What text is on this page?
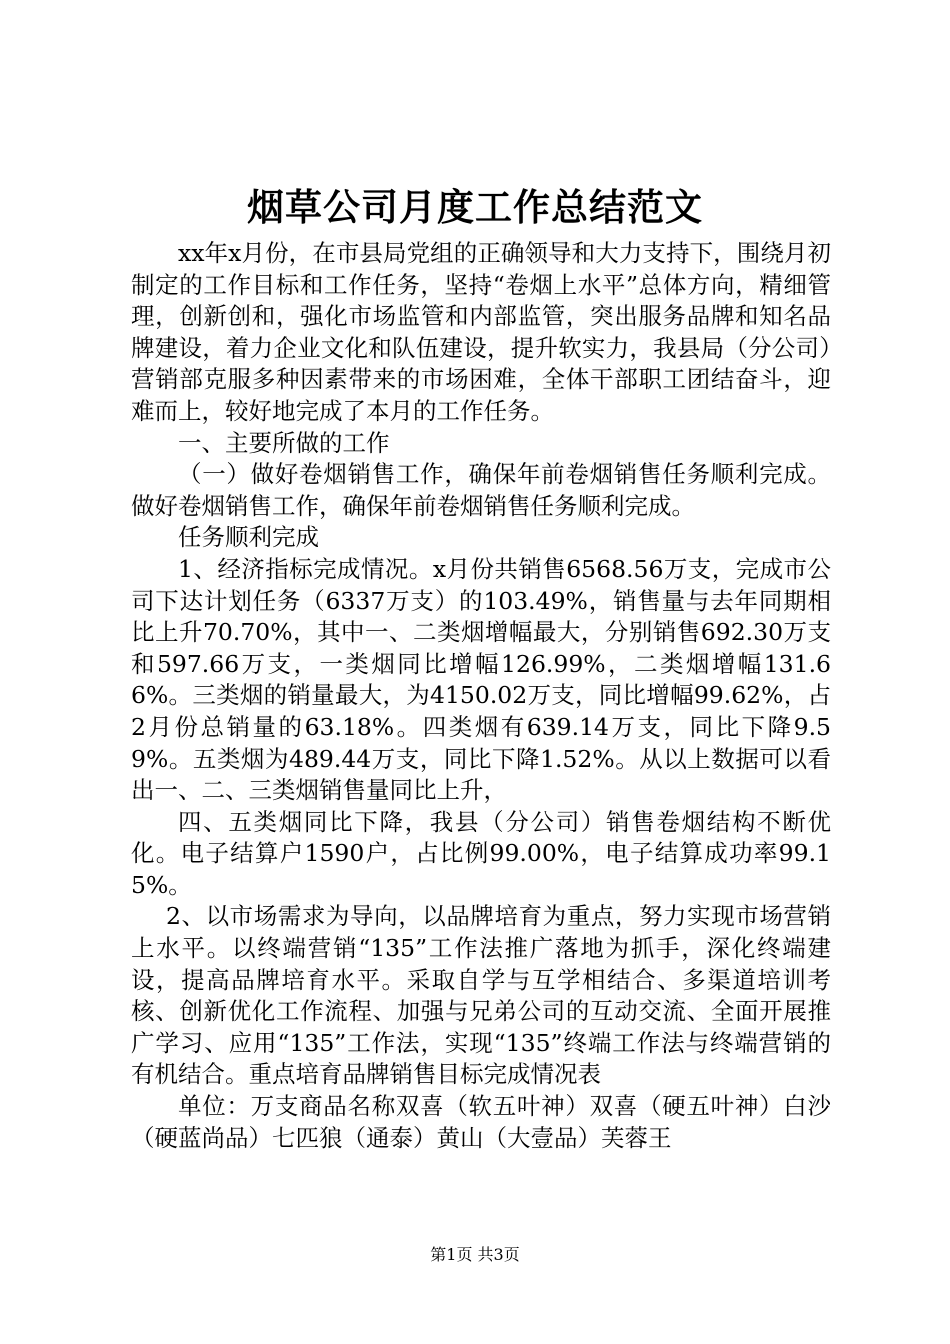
烟草公司月度工作总结范文

xx年x月份，在市县局党组的正确领导和大力支持下，围绕月初制定的工作目标和工作任务，坚持“卷烟上水平”总体方向，精细管理，创新创和，强化市场监管和内部监管，突出服务品牌和知名品牌建设，着力企业文化和队伍建设，提升软实力，我县局（分公司）营销部克服多种因素带来的市场困难，全体干部职工团结奋斗，迎难而上，较好地完成了本月的工作任务。

一、主要所做的工作

（一）做好卷烟销售工作，确保年前卷烟销售任务顺利完成。做好卷烟销售工作，确保年前卷烟销售任务顺利完成。

任务顺利完成

1、经济指标完成情况。x月份共销售6568.56万支，完成市公司下达计划任务（6337万支）的103.49%，销售量与去年同期相比上升70.70%，其中一、二类烟增幅最大，分别销售692.30万支和597.66万支，一类烟同比增幅126.99%，二类烟增幅131.66%。三类烟的销量最大，为4150.02万支，同比增幅99.62%，占2月份总销量的63.18%。四类烟有639.14万支，同比下降9.59%。五类烟为489.44万支，同比下降1.52%。从以上数据可以看出一、二、三类烟销售量同比上升，

四、五类烟同比下降，我县（分公司）销售卷烟结构不断优化。电子结算户1590户，占比例99.00%，电子结算成功率99.15%。

2、以市场需求为导向，以品牌培育为重点，努力实现市场营销上水平。以终端营销“135”工作法推广落地为抓手，深化终端建设，提高品牌培育水平。采取自学与互学相结合、多渠道培训考核、创新优化工作流程、加强与兄弟公司的互动交流、全面开展推广学习、应用“135”工作法，实现“135”终端工作法与终端营销的有机结合。重点培育品牌销售目标完成情况表

单位：万支商品名称双喜（软五叶神）双喜（硬五叶神）白沙（硬蓝尚品）七匹狼（通泰）黄山（大壹品）芙蓉王

第1页 共3页
